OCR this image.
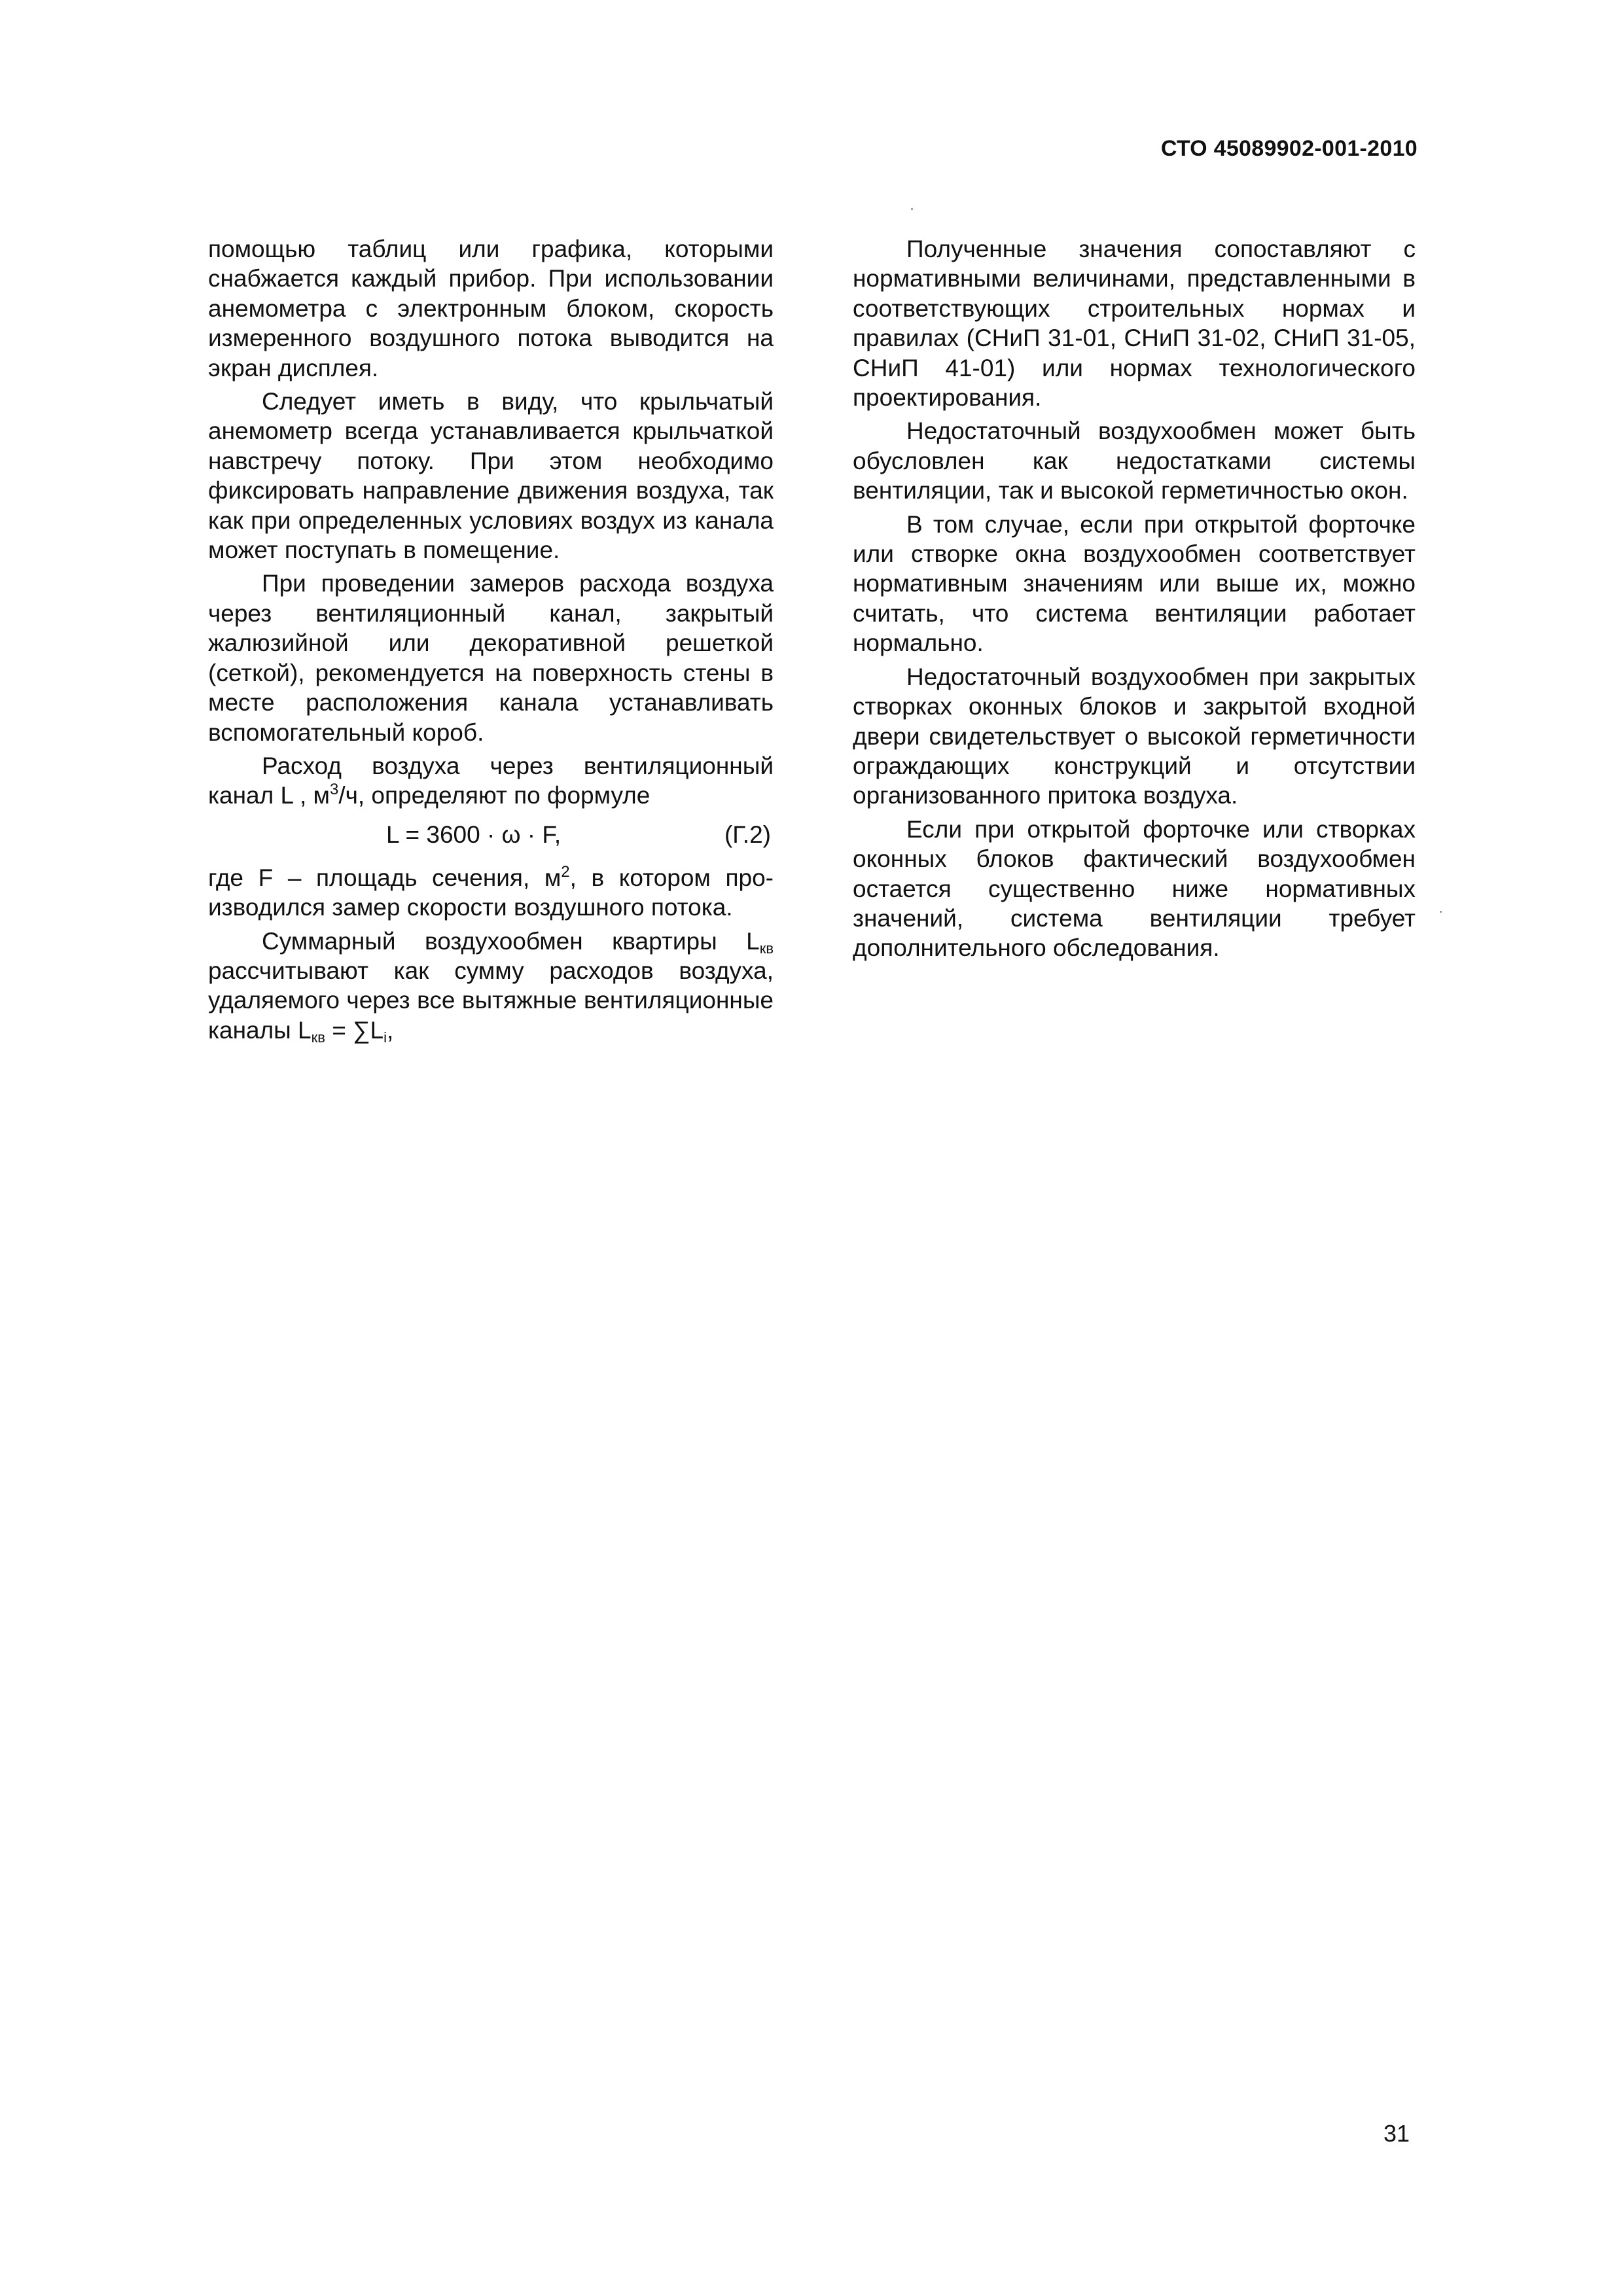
СТО 45089902-001-2010

помощью таблиц или графика, которыми снабжается каждый прибор. При использовании анемометра с электронным блоком, скорость измеренного воздушного потока выводится на экран дисплея.

Следует иметь в виду, что крыльчатый анемометр всегда устанавливается крыльчаткой навстречу потоку. При этом необходимо фиксировать направление движения воздуха, так как при определенных условиях воздух из канала может поступать в помещение.

При проведении замеров расхода воздуха через вентиляционный канал, закрытый жалюзийной или декоративной решеткой (сеткой), рекомендуется на поверхность стены в месте расположения канала устанавливать вспомогательный короб.

Расход воздуха через вентиляционный канал L , $м^3/ч$, определяют по формуле

L = 3600 · ω · F,	(Г.2)

где F – площадь сечения, $м^2$, в котором производился замер скорости воздушного потока.

Суммарный воздухообмен квартиры $L_{кв}$ рассчитывают как сумму расходов воздуха, удаляемого через все вытяжные вентиляционные каналы $L_{кв} = \sum L_i$,

Полученные значения сопоставляют с нормативными величинами, представленными в соответствующих строительных нормах и правилах (СНиП 31-01, СНиП 31-02, СНиП 31-05, СНиП 41-01) или нормах технологического проектирования.

Недостаточный воздухообмен может быть обусловлен как недостатками системы вентиляции, так и высокой герметичностью окон.

В том случае, если при открытой форточке или створке окна воздухообмен соответствует нормативным значениям или выше их, можно считать, что система вентиляции работает нормально.

Недостаточный воздухообмен при закрытых створках оконных блоков и закрытой входной двери свидетельствует о высокой герметичности ограждающих конструкций и отсутствии организованного притока воздуха.

Если при открытой форточке или створках оконных блоков фактический воздухообмен остается существенно ниже нормативных значений, система вентиляции требует дополнительного обследования.

31
